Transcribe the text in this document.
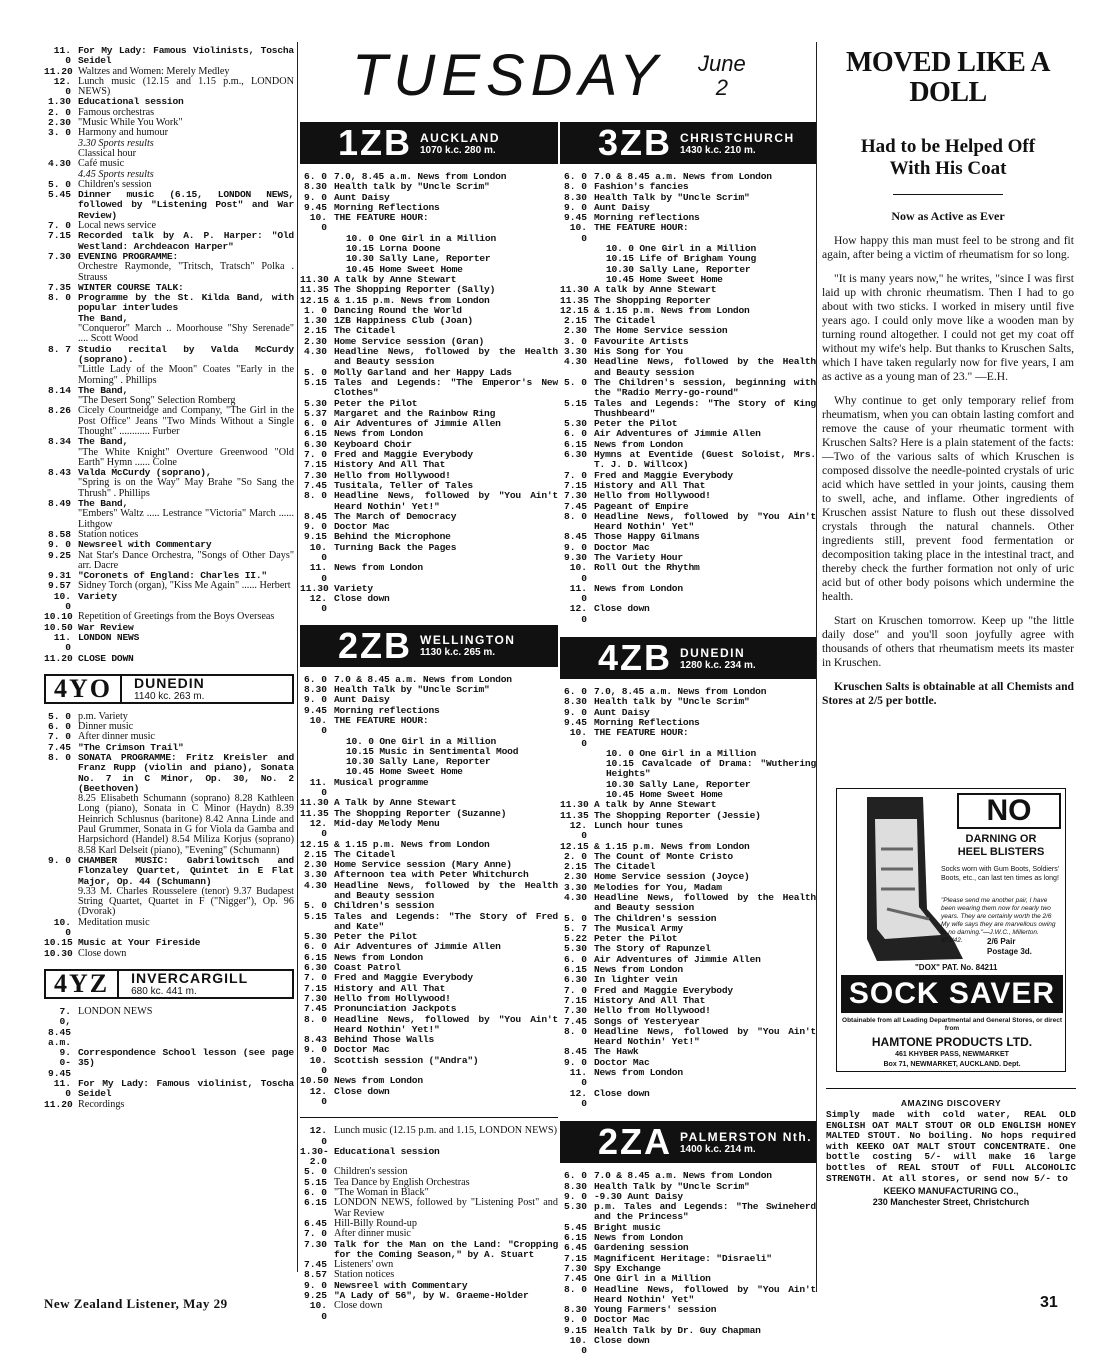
TUESDAY June
2
11. 0
For My Lady: Famous Violinists, Toscha Seidel
11.20 Waltzes and Women: Merely Medley
12. 0
Lunch music (12.15 and 1.15 p.m., LONDON NEWS)
1.30 Educational session
2. 0 Famous orchestras
2.30 "Music While You Work"
3. 0 Harmony and humour
3.30 Sports results
Classical hour
4.30 Café music
4.45 Sports results
5. 0 Children's session
5.45 Dinner music (6.15, LONDON NEWS, followed by "Listening Post" and War Review)
7. 0 Local news service
7.15 Recorded talk by A. P. Harper: "Old Westland: Archdeacon Harper"
7.30 EVENING PROGRAMME:
Orchestre Raymonde, "Tritsch, Tratsch" Polka . Strauss
7.35 WINTER COURSE TALK:
8. 0 Programme by the St. Kilda Band, with popular interludes
The Band,
"Conqueror" March .. Moorhouse "Shy Serenade" .... Scott Wood
8. 7 Studio recital by Valda McCurdy (soprano).
"Little Lady of the Moon" Coates "Early in the Morning" . Phillips
8.14 The Band,
"The Desert Song" Selection Romberg
8.26 Cicely Courtneidge and Company, "The Girl in the Post Office" Jeans "Two Minds Without a Single Thought" ............ Furber
8.34 The Band,
"The White Knight" Overture Greenwood "Old Earth" Hymn ...... Colne
8.43 Valda McCurdy (soprano),
"Spring is on the Way" May Brahe "So Sang the Thrush" . Phillips
8.49 The Band,
"Embers" Waltz ..... Lestrance "Victoria" March ...... Lithgow
8.58 Station notices
9. 0 Newsreel with Commentary
9.25 Nat Star's Dance Orchestra, "Songs of Other Days" arr. Dacre
9.31 "Coronets of England: Charles II."
9.57 Sidney Torch (organ), "Kiss Me Again" ...... Herbert
10. 0
Variety
10.10 Repetition of Greetings from the Boys Overseas
10.50 War Review
11. 0
LONDON NEWS
11.20 CLOSE DOWN
4YO	DUNEDIN
1140 kc. 263 m.
5. 0 p.m. Variety
6. 0 Dinner music
7. 0 After dinner music
7.45 "The Crimson Trail"
8. 0 SONATA PROGRAMME: Fritz Kreisler and Franz Rupp (violin and piano), Sonata No. 7 in C Minor, Op. 30, No. 2 (Beethoven)
8.25 Elisabeth Schumann (soprano) 8.28 Kathleen Long (piano), Sonata in C Minor (Haydn) 8.39 Heinrich Schlusnus (baritone) 8.42 Anna Linde and Paul Grummer, Sonata in G for Viola da Gamba and Harpsichord (Handel) 8.54 Miliza Korjus (soprano) 8.58 Karl Delseit (piano), "Evening" (Schumann)
9. 0 CHAMBER MUSIC: Gabrilowitsch and Flonzaley Quartet, Quintet in E Flat Major, Op. 44 (Schumann)
9.33 M. Charles Rousselere (tenor) 9.37 Budapest String Quartet, Quartet in F ("Nigger"), Op. 96 (Dvorak)
10. 0
Meditation music
10.15 Music at Your Fireside
10.30 Close down
4YZ	INVERCARGILL
680 kc. 441 m.
7. 0, 8.45 a.m.
LONDON NEWS
9. 0-9.45
Correspondence School lesson (see page 35)
11. 0
For My Lady: Famous violinist, Toscha Seidel
11.20 Recordings
1ZB AUCKLAND
1070 k.c. 280 m.
6. 0 7.0, 8.45 a.m. News from London
8.30 Health talk by "Uncle Scrim"
9. 0 Aunt Daisy
9.45 Morning Reflections
10. 0
THE FEATURE HOUR:
10. 0 One Girl in a Million
10.15 Lorna Doone
10.30 Sally Lane, Reporter
10.45 Home Sweet Home
11.30 A talk by Anne Stewart
11.35 The Shopping Reporter (Sally)
12.15 & 1.15 p.m. News from London
1. 0 Dancing Round the World
1.30 1ZB Happiness Club (Joan)
2.15 The Citadel
2.30 Home Service session (Gran)
4.30 Headline News, followed by the Health and Beauty session
5. 0 Molly Garland and her Happy Lads
5.15 Tales and Legends: "The Emperor's New Clothes"
5.30 Peter the Pilot
5.37 Margaret and the Rainbow Ring
6. 0 Air Adventures of Jimmie Allen
6.15 News from London
6.30 Keyboard Choir
7. 0 Fred and Maggie Everybody
7.15 History And All That
7.30 Hello from Hollywood!
7.45 Tusitala, Teller of Tales
8. 0 Headline News, followed by "You Ain't Heard Nothin' Yet!"
8.45 The March of Democracy
9. 0 Doctor Mac
9.15 Behind the Microphone
10. 0
Turning Back the Pages
11. 0
News from London
11.30 Variety
12. 0
Close down
2ZB WELLINGTON
1130 k.c. 265 m.
6. 0 7.0 & 8.45 a.m. News from London
8.30 Health Talk by "Uncle Scrim"
9. 0 Aunt Daisy
9.45 Morning reflections
10. 0
THE FEATURE HOUR:
10. 0 One Girl in a Million
10.15 Music in Sentimental Mood
10.30 Sally Lane, Reporter
10.45 Home Sweet Home
11. 0
Musical programme
11.30 A Talk by Anne Stewart
11.35 The Shopping Reporter (Suzanne)
12. 0
Mid-day Melody Menu
12.15 & 1.15 p.m. News from London
2.15 The Citadel
2.30 Home Service session (Mary Anne)
3.30 Afternoon tea with Peter Whitchurch
4.30 Headline News, followed by the Health and Beauty session
5. 0 Children's session
5.15 Tales and Legends: "The Story of Fred and Kate"
5.30 Peter the Pilot
6. 0 Air Adventures of Jimmie Allen
6.15 News from London
6.30 Coast Patrol
7. 0 Fred and Maggie Everybody
7.15 History and All That
7.30 Hello from Hollywood!
7.45 Pronunciation Jackpots
8. 0 Headline News, followed by "You Ain't Heard Nothin' Yet!"
8.43 Behind Those Walls
9. 0 Doctor Mac
10. 0
Scottish session ("Andra")
10.50 News from London
12. 0
Close down
12. 0
Lunch music (12.15 p.m. and 1.15, LONDON NEWS)
1.30-2.0
Educational session
5. 0 Children's session
5.15 Tea Dance by English Orchestras
6. 0 "The Woman in Black"
6.15 LONDON NEWS, followed by "Listening Post" and War Review
6.45 Hill-Billy Round-up
7. 0 After dinner music
7.30 Talk for the Man on the Land: "Cropping for the Coming Season," by A. Stuart
7.45 Listeners' own
8.57 Station notices
9. 0 Newsreel with Commentary
9.25 "A Lady of 56", by W. Graeme-Holder
10. 0
Close down
3ZB CHRISTCHURCH
1430 k.c. 210 m.
6. 0 7.0 & 8.45 a.m. News from London
8. 0 Fashion's fancies
8.30 Health Talk by "Uncle Scrim"
9. 0 Aunt Daisy
9.45 Morning reflections
10. 0
THE FEATURE HOUR:
10. 0 One Girl in a Million
10.15 Life of Brigham Young
10.30 Sally Lane, Reporter
10.45 Home Sweet Home
11.30 A talk by Anne Stewart
11.35 The Shopping Reporter
12.15 & 1.15 p.m. News from London
2.15 The Citadel
2.30 The Home Service session
3. 0 Favourite Artists
3.30 His Song for You
4.30 Headline News, followed by the Health and Beauty session
5. 0 The Children's session, beginning with the "Radio Merry-go-round"
5.15 Tales and Legends: "The Story of King Thushbeard"
5.30 Peter the Pilot
6. 0 Air Adventures of Jimmie Allen
6.15 News from London
6.30 Hymns at Eventide (Guest Soloist, Mrs. T. J. D. Willcox)
7. 0 Fred and Maggie Everybody
7.15 History and All That
7.30 Hello from Hollywood!
7.45 Pageant of Empire
8. 0 Headline News, followed by "You Ain't Heard Nothin' Yet"
8.45 Those Happy Gilmans
9. 0 Doctor Mac
9.30 The Variety Hour
10. 0
Roll Out the Rhythm
11. 0
News from London
12. 0
Close down
4ZB DUNEDIN
1280 k.c. 234 m.
6. 0 7.0, 8.45 a.m. News from London
8.30 Health talk by "Uncle Scrim"
9. 0 Aunt Daisy
9.45 Morning Reflections
10. 0
THE FEATURE HOUR:
10. 0 One Girl in a Million
10.15 Cavalcade of Drama: "Wuthering Heights"
10.30 Sally Lane, Reporter
10.45 Home Sweet Home
11.30 A talk by Anne Stewart
11.35 The Shopping Reporter (Jessie)
12. 0
Lunch hour tunes
12.15 & 1.15 p.m. News from London
2. 0 The Count of Monte Cristo
2.15 The Citadel
2.30 Home Service session (Joyce)
3.30 Melodies for You, Madam
4.30 Headline News, followed by the Health and Beauty session
5. 0 The Children's session
5. 7 The Musical Army
5.22 Peter the Pilot
5.30 The Story of Rapunzel
6. 0 Air Adventures of Jimmie Allen
6.15 News from London
6.30 In lighter vein
7. 0 Fred and Maggie Everybody
7.15 History And All That
7.30 Hello from Hollywood!
7.45 Songs of Yesteryear
8. 0 Headline News, followed by "You Ain't Heard Nothin' Yet!"
8.45 The Hawk
9. 0 Doctor Mac
11. 0
News from London
12. 0
Close down
2ZA PALMERSTON Nth.
1400 k.c. 214 m.
6. 0 7.0 & 8.45 a.m. News from London
8.30 Health Talk by "Uncle Scrim"
9. 0 -9.30 Aunt Daisy
5.30 p.m. Tales and Legends: "The Swineherd and the Princess"
5.45 Bright music
6.15 News from London
6.45 Gardening session
7.15 Magnificent Heritage: "Disraeli"
7.30 Spy Exchange
7.45 One Girl in a Million
8. 0 Headline News, followed by "You Ain't Heard Nothin' Yet"
8.30 Young Farmers' session
9. 0 Doctor Mac
9.15 Health Talk by Dr. Guy Chapman
10. 0
Close down
MOVED LIKE A
DOLL
Had to be Helped Off
With His Coat
Now as Active as Ever

How happy this man must feel to be strong and fit again, after being a victim of rheumatism for so long.

"It is many years now," he writes, "since I was first laid up with chronic rheumatism. Then I had to go about with two sticks. I worked in misery until five years ago. I could only move like a wooden man by turning round altogether. I could not get my coat off without my wife's help. But thanks to Kruschen Salts, which I have taken regularly now for five years, I am as active as a young man of 23." —E.H.

Why continue to get only temporary relief from rheumatism, when you can obtain lasting comfort and remove the cause of your rheumatic torment with Kruschen Salts? Here is a plain statement of the facts:—Two of the various salts of which Kruschen is composed dissolve the needle-pointed crystals of uric acid which have settled in your joints, causing them to swell, ache, and inflame. Other ingredients of Kruschen assist Nature to flush out these dissolved crystals through the natural channels. Other ingredients still, prevent food fermentation or decomposition taking place in the intestinal tract, and thereby check the further formation not only of uric acid but of other body poisons which undermine the health.

Start on Kruschen tomorrow. Keep up "the little daily dose" and you'll soon joyfully agree with thousands of others that rheumatism meets its master in Kruschen.

Kruschen Salts is obtainable at all Chemists and Stores at 2/5 per bottle.

NO
DARNING OR
HEEL BLISTERS
Socks worn with Gum Boots, Soldiers' Boots, etc., can last ten times as long!
"Please send me another pair, I have been wearing them now for nearly two years. They are certainly worth the 2/6 My wife says they are marvellous owing to no darning."—J.W.C., Millerton. 871/42.	2/6 Pair
Postage 3d.
"DOX" PAT. No. 84211
SOCK SAVER
Obtainable from all Leading Departmental and General Stores, or direct from
HAMTONE PRODUCTS LTD.
461 KHYBER PASS, NEWMARKET
Box 71, NEWMARKET, AUCKLAND. Dept.
AMAZING DISCOVERY
Simply made with cold water, REAL OLD ENGLISH OAT MALT STOUT OR OLD ENGLISH HONEY MALTED STOUT. No boiling. No hops required with KEEKO OAT MALT STOUT CONCENTRATE. One bottle costing 5/- will make 16 large bottles of REAL STOUT of FULL ALCOHOLIC STRENGTH. At all stores, or send now 5/- to
KEEKO MANUFACTURING CO.,
230 Manchester Street, Christchurch
New Zealand Listener, May 29	31
